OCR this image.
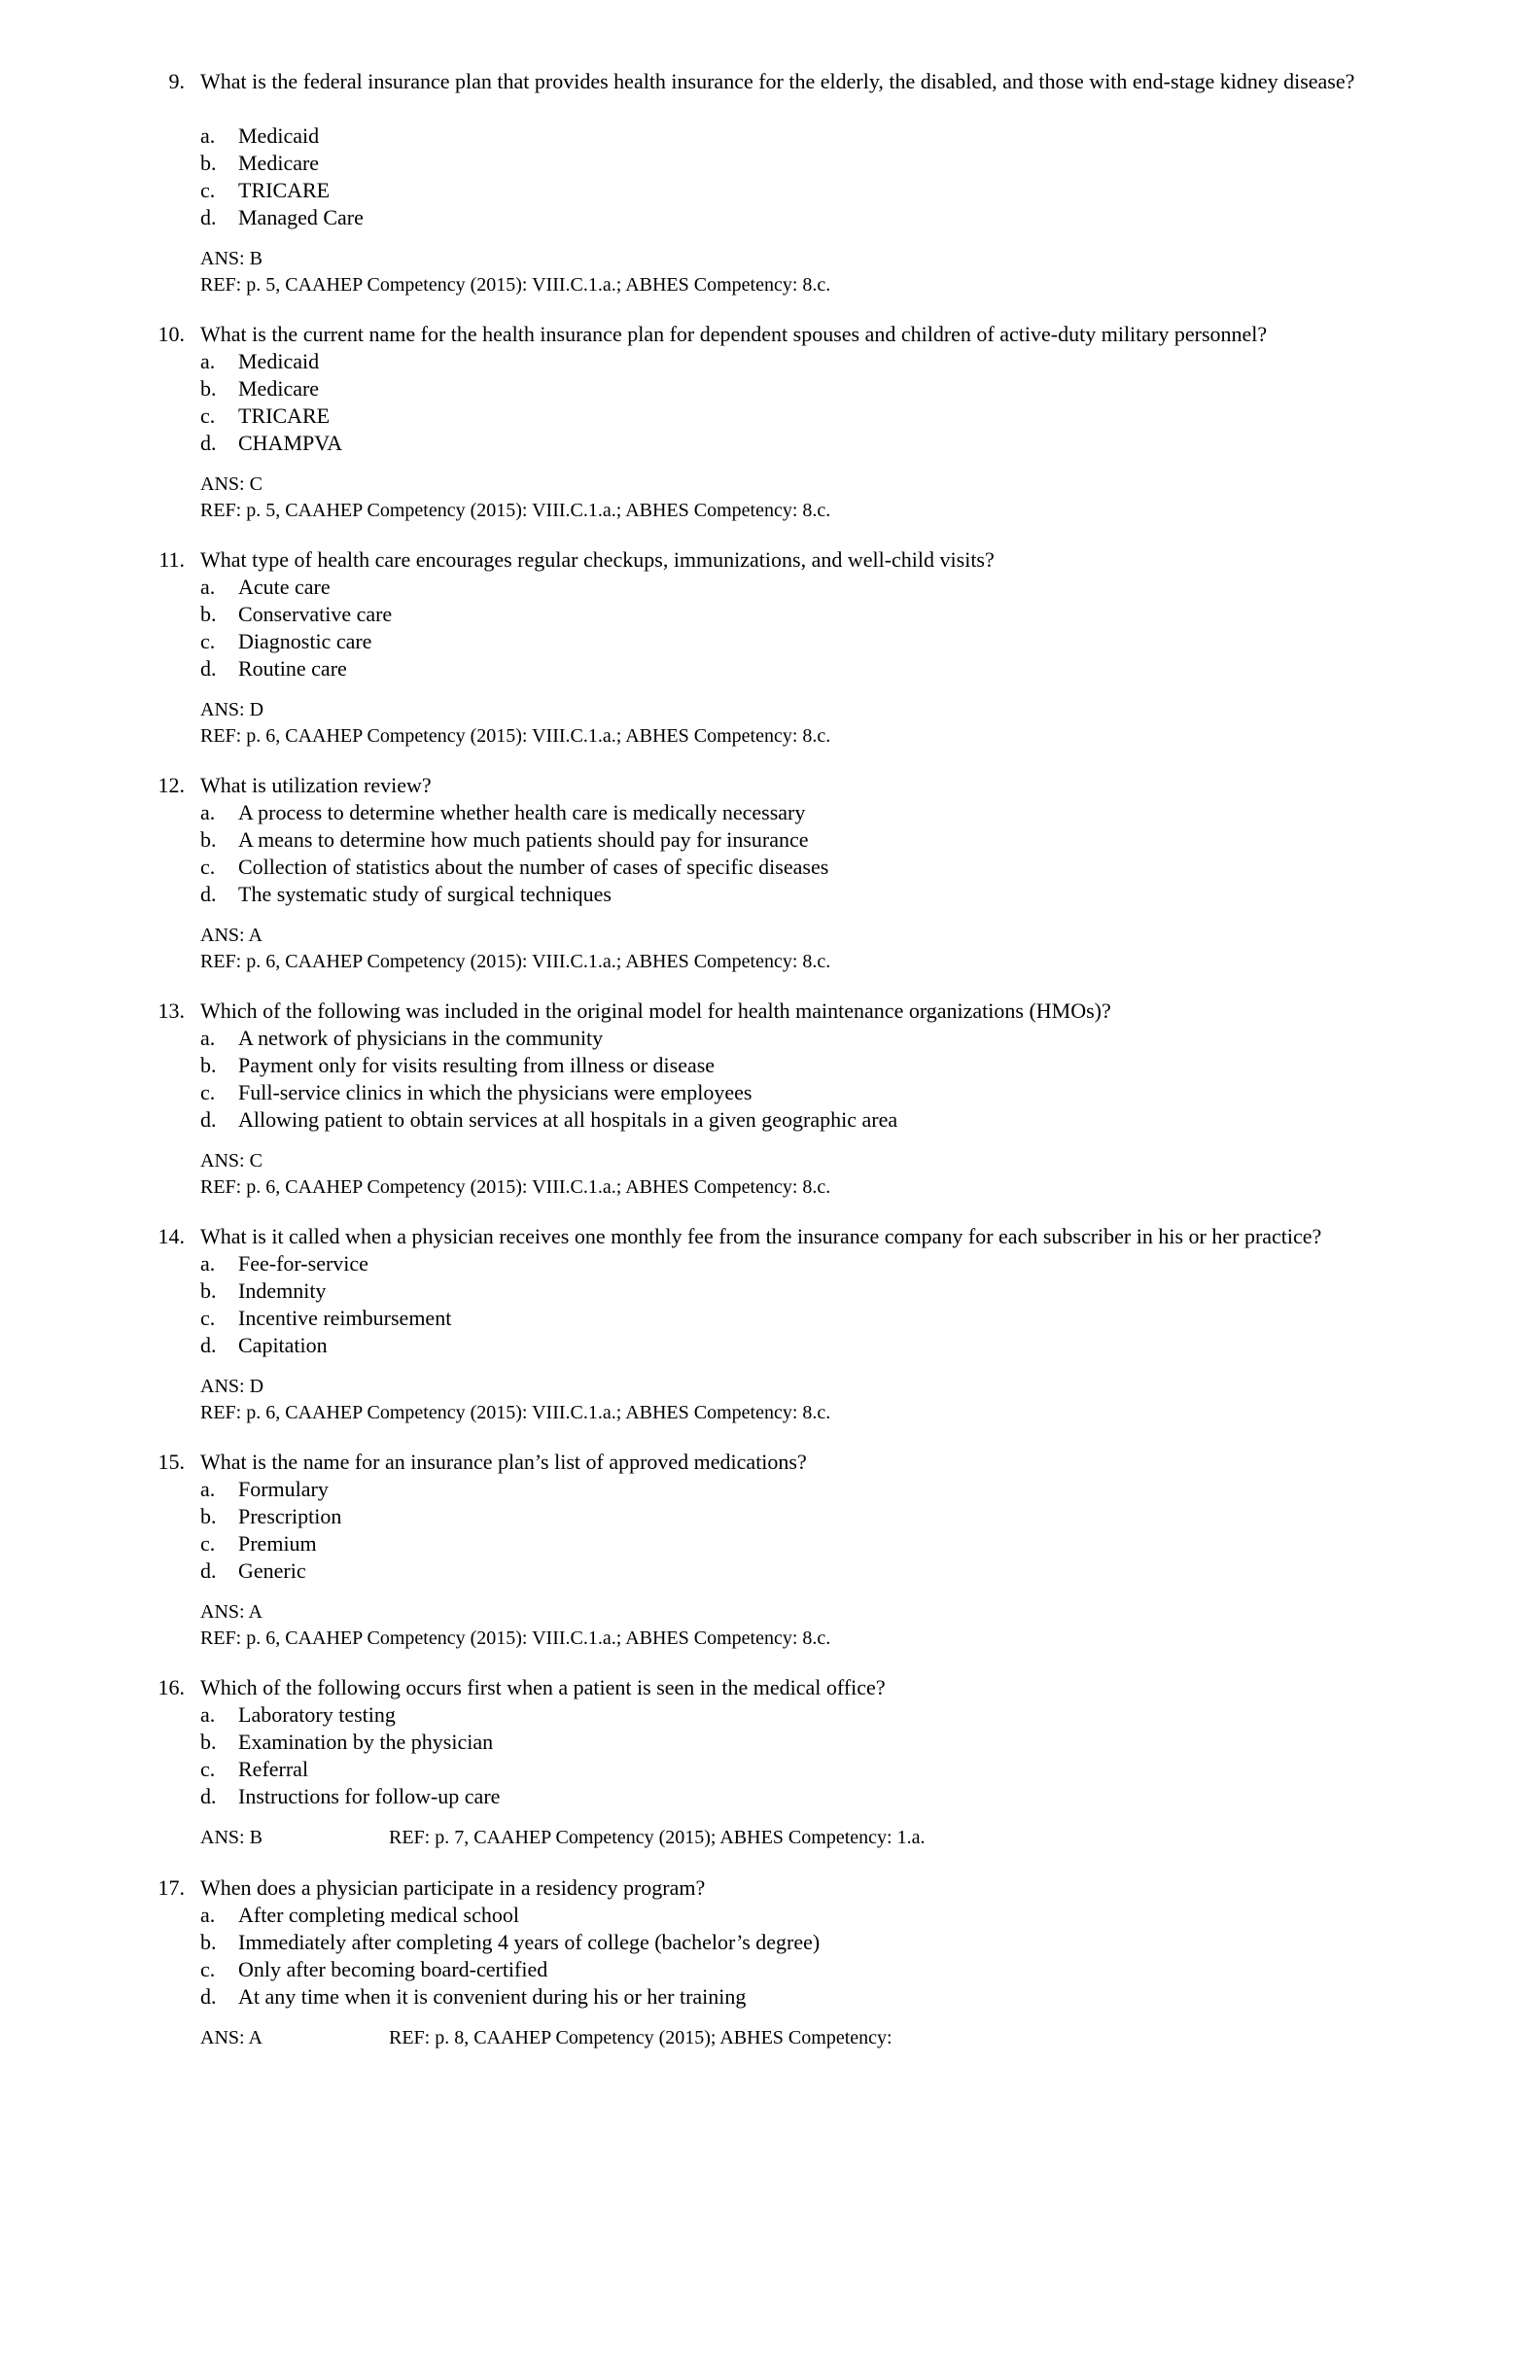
9. What is the federal insurance plan that provides health insurance for the elderly, the disabled, and those with end-stage kidney disease?
a. Medicaid
b. Medicare
c. TRICARE
d. Managed Care
ANS: B
REF: p. 5, CAAHEP Competency (2015): VIII.C.1.a.; ABHES Competency: 8.c.
10. What is the current name for the health insurance plan for dependent spouses and children of active-duty military personnel?
a. Medicaid
b. Medicare
c. TRICARE
d. CHAMPVA
ANS: C
REF: p. 5, CAAHEP Competency (2015): VIII.C.1.a.; ABHES Competency: 8.c.
11. What type of health care encourages regular checkups, immunizations, and well-child visits?
a. Acute care
b. Conservative care
c. Diagnostic care
d. Routine care
ANS: D
REF: p. 6, CAAHEP Competency (2015): VIII.C.1.a.; ABHES Competency: 8.c.
12. What is utilization review?
a. A process to determine whether health care is medically necessary
b. A means to determine how much patients should pay for insurance
c. Collection of statistics about the number of cases of specific diseases
d. The systematic study of surgical techniques
ANS: A
REF: p. 6, CAAHEP Competency (2015): VIII.C.1.a.; ABHES Competency: 8.c.
13. Which of the following was included in the original model for health maintenance organizations (HMOs)?
a. A network of physicians in the community
b. Payment only for visits resulting from illness or disease
c. Full-service clinics in which the physicians were employees
d. Allowing patient to obtain services at all hospitals in a given geographic area
ANS: C
REF: p. 6, CAAHEP Competency (2015): VIII.C.1.a.; ABHES Competency: 8.c.
14. What is it called when a physician receives one monthly fee from the insurance company for each subscriber in his or her practice?
a. Fee-for-service
b. Indemnity
c. Incentive reimbursement
d. Capitation
ANS: D
REF: p. 6, CAAHEP Competency (2015): VIII.C.1.a.; ABHES Competency: 8.c.
15. What is the name for an insurance plan’s list of approved medications?
a. Formulary
b. Prescription
c. Premium
d. Generic
ANS: A
REF: p. 6, CAAHEP Competency (2015): VIII.C.1.a.; ABHES Competency: 8.c.
16. Which of the following occurs first when a patient is seen in the medical office?
a. Laboratory testing
b. Examination by the physician
c. Referral
d. Instructions for follow-up care
ANS: B	REF: p. 7, CAAHEP Competency (2015); ABHES Competency: 1.a.
17. When does a physician participate in a residency program?
a. After completing medical school
b. Immediately after completing 4 years of college (bachelor’s degree)
c. Only after becoming board-certified
d. At any time when it is convenient during his or her training
ANS: A	REF: p. 8, CAAHEP Competency (2015); ABHES Competency:
